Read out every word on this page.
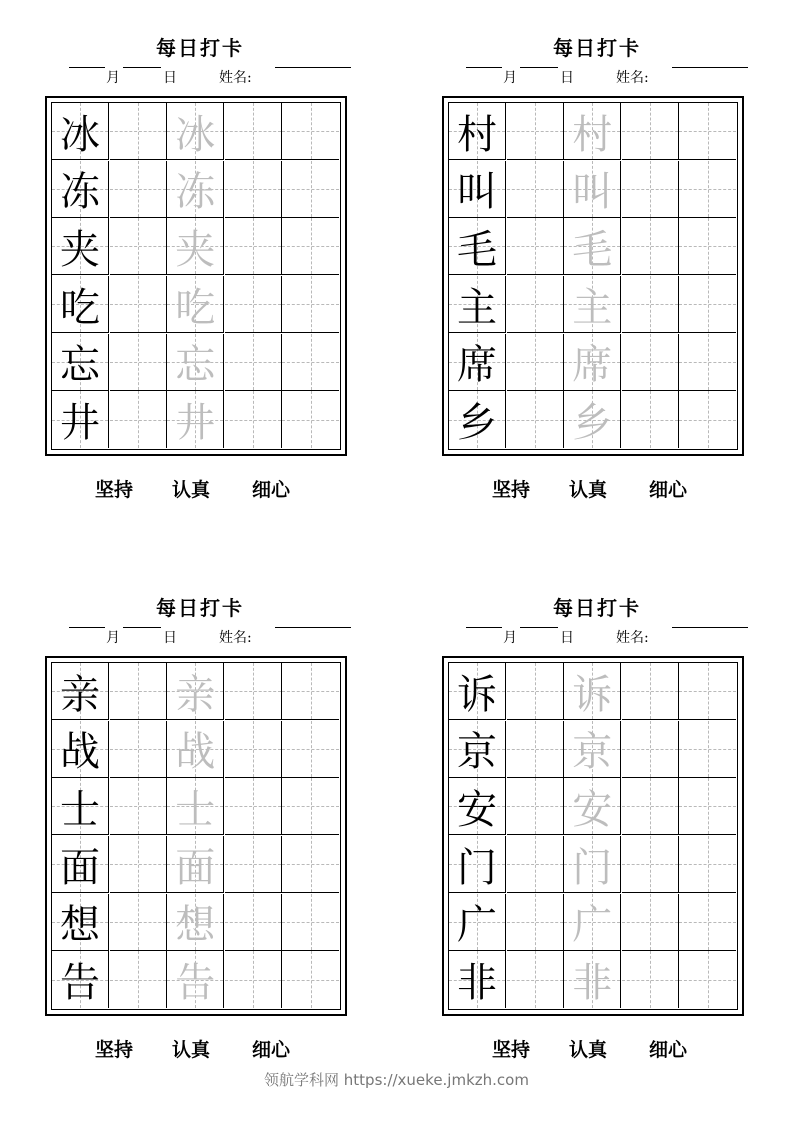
每日打卡
月	日	姓名:
冰 冰
冻 冻
夹 夹
吃 吃
忘 忘
井 井
坚持 认真 细心
每日打卡
月	日	姓名:
村 村
叫 叫
毛 毛
主 主
席 席
乡 乡
坚持 认真 细心
每日打卡
月	日	姓名:
亲 亲
战 战
士 士
面 面
想 想
告 告
坚持 认真 细心
每日打卡
月	日	姓名:
诉 诉
京 京
安 安
门 门
广 广
非 非
坚持 认真 细心
领航学科网 https://xueke.jmkzh.com
